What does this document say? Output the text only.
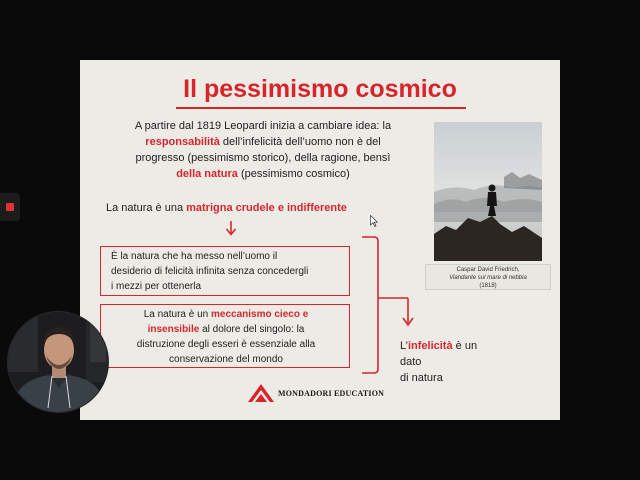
Il pessimismo cosmico
A partire dal 1819 Leopardi inizia a cambiare idea: la
responsabilità dell’infelicità dell’uomo non è del
progresso (pessimismo storico), della ragione, bensì
della natura (pessimismo cosmico)
Caspar David Friedrich,
Viandante sul mare di nebbia
(1818)
La natura è una matrigna crudele e indifferente
È la natura che ha messo nell’uomo il
desiderio di felicità infinita senza concedergli
i mezzi per ottenerla
La natura è un meccanismo cieco e
insensibile al dolore del singolo: la
distruzione degli esseri è essenziale alla
conservazione del mondo
L’infelicità è un dato
di natura
MONDADORI EDUCATION
